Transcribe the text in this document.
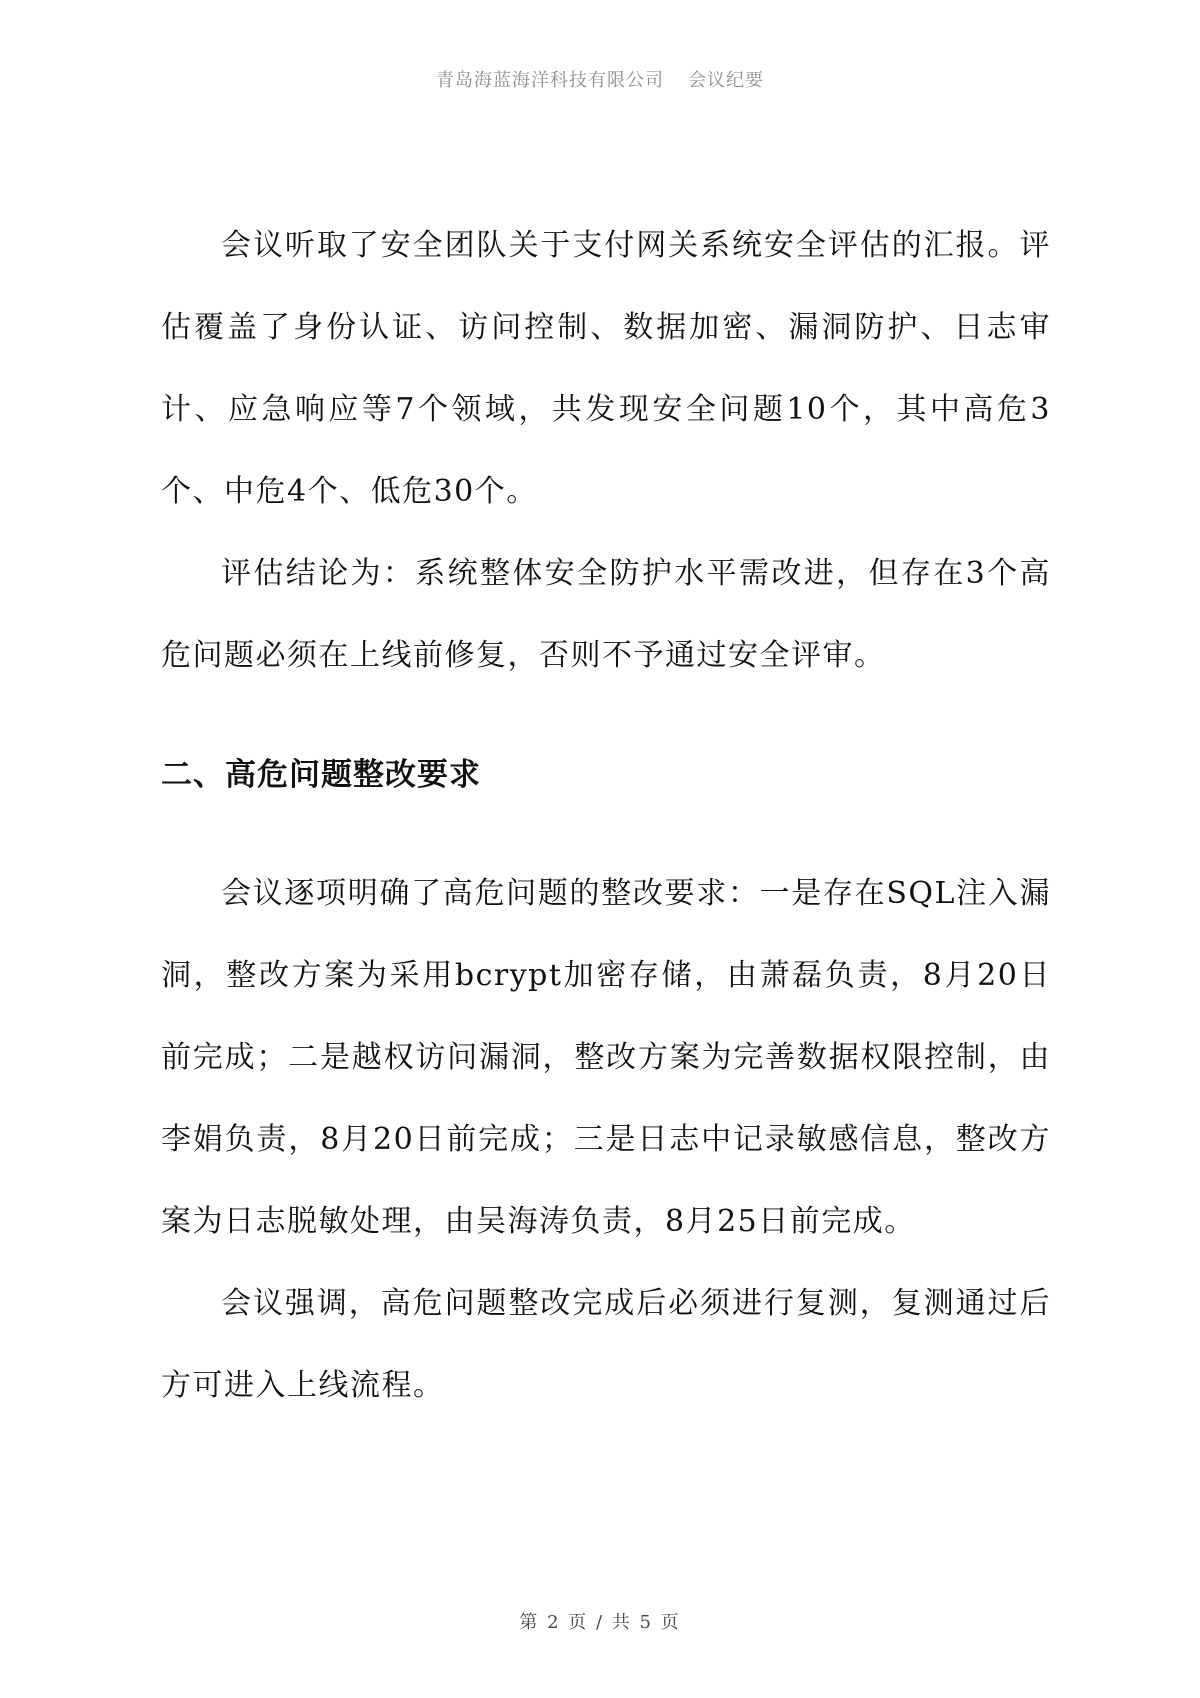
青岛海蓝海洋科技有限公司 会议纪要

会议听取了安全团队关于支付网关系统安全评估的汇报。评估覆盖了身份认证、访问控制、数据加密、漏洞防护、日志审计、应急响应等7个领域，共发现安全问题10个，其中高危3个、中危4个、低危30个。

评估结论为：系统整体安全防护水平需改进，但存在3个高危问题必须在上线前修复，否则不予通过安全评审。

二、高危问题整改要求

会议逐项明确了高危问题的整改要求：一是存在SQL注入漏洞，整改方案为采用bcrypt加密存储，由萧磊负责，8月20日前完成；二是越权访问漏洞，整改方案为完善数据权限控制，由李娟负责，8月20日前完成；三是日志中记录敏感信息，整改方案为日志脱敏处理，由吴海涛负责，8月25日前完成。

会议强调，高危问题整改完成后必须进行复测，复测通过后方可进入上线流程。

第 2 页 / 共 5 页
